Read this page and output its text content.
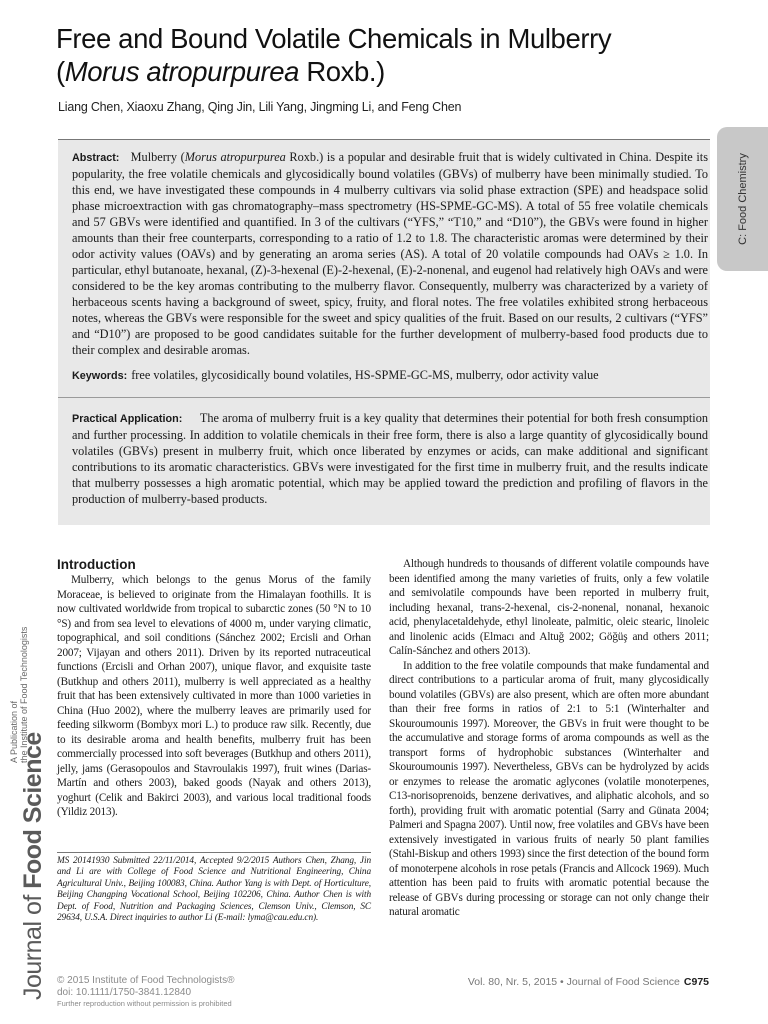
Free and Bound Volatile Chemicals in Mulberry
(Morus atropurpurea Roxb.)
Liang Chen, Xiaoxu Zhang, Qing Jin, Lili Yang, Jingming Li, and Feng Chen
C: Food Chemistry

Abstract: Mulberry (Morus atropurpurea Roxb.) is a popular and desirable fruit that is widely cultivated in China. Despite its popularity, the free volatile chemicals and glycosidically bound volatiles (GBVs) of mulberry have been minimally studied. To this end, we have investigated these compounds in 4 mulberry cultivars via solid phase extraction (SPE) and headspace solid phase microextraction with gas chromatography–mass spectrometry (HS-SPME-GC-MS). A total of 55 free volatile chemicals and 57 GBVs were identified and quantified. In 3 of the cultivars (“YFS,” “T10,” and “D10”), the GBVs were found in higher amounts than their free counterparts, corresponding to a ratio of 1.2 to 1.8. The characteristic aromas were determined by their odor activity values (OAVs) and by generating an aroma series (AS). A total of 20 volatile compounds had OAVs ≥ 1.0. In particular, ethyl butanoate, hexanal, (Z)-3-hexenal (E)-2-hexenal, (E)-2-nonenal, and eugenol had relatively high OAVs and were considered to be the key aromas contributing to the mulberry flavor. Consequently, mulberry was characterized by a variety of herbaceous scents having a background of sweet, spicy, fruity, and floral notes. The free volatiles exhibited strong herbaceous notes, whereas the GBVs were responsible for the sweet and spicy qualities of the fruit. Based on our results, 2 cultivars (“YFS” and “D10”) are proposed to be good candidates suitable for the further development of mulberry-based food products due to their complex and desirable aromas.

Keywords: free volatiles, glycosidically bound volatiles, HS-SPME-GC-MS, mulberry, odor activity value

Practical Application: The aroma of mulberry fruit is a key quality that determines their potential for both fresh consumption and further processing. In addition to volatile chemicals in their free form, there is also a large quantity of glycosidically bound volatiles (GBVs) present in mulberry fruit, which once liberated by enzymes or acids, can make additional and significant contributions to its aromatic characteristics. GBVs were investigated for the first time in mulberry fruit, and the results indicate that mulberry possesses a high aromatic potential, which may be applied toward the prediction and profiling of flavors in the production of mulberry-based products.

Introduction

Mulberry, which belongs to the genus Morus of the family Moraceae, is believed to originate from the Himalayan foothills. It is now cultivated worldwide from tropical to subarctic zones (50 °N to 10 °S) and from sea level to elevations of 4000 m, under varying climatic, topographical, and soil conditions (Sánchez 2002; Ercisli and Orhan 2007; Vijayan and others 2011). Driven by its reported nutraceutical functions (Ercisli and Orhan 2007), unique flavor, and exquisite taste (Butkhup and others 2011), mulberry is well appreciated as a healthy fruit that has been extensively cultivated in more than 1000 varieties in China (Huo 2002), where the mulberry leaves are primarily used for feeding silkworm (Bombyx mori L.) to produce raw silk. Recently, due to its desirable aroma and health benefits, mulberry fruit has been commercially processed into soft beverages (Butkhup and others 2011), jelly, jams (Gerasopoulos and Stavroulakis 1997), fruit wines (Darias-Martín and others 2003), baked goods (Nayak and others 2013), yoghurt (Celik and Bakirci 2003), and various local traditional foods (Yildiz 2013).

Although hundreds to thousands of different volatile compounds have been identified among the many varieties of fruits, only a few volatile and semivolatile compounds have been reported in mulberry fruit, including hexanal, trans-2-hexenal, cis-2-nonenal, nonanal, hexanoic acid, phenylacetaldehyde, ethyl linoleate, palmitic, oleic stearic, linoleic and linolenic acids (Elmacı and Altuğ 2002; Göğüş and others 2011; Calín-Sánchez and others 2013).

In addition to the free volatile compounds that make fundamental and direct contributions to a particular aroma of fruit, many glycosidically bound volatiles (GBVs) are also present, which are often more abundant than their free forms in ratios of 2:1 to 5:1 (Winterhalter and Skouroumounis 1997). Moreover, the GBVs in fruit were thought to be the accumulative and storage forms of aroma compounds as well as the transport forms of hydrophobic substances (Winterhalter and Skouroumounis 1997). Nevertheless, GBVs can be hydrolyzed by acids or enzymes to release the aromatic aglycones (volatile monoterpenes, C13-norisoprenoids, benzene derivatives, and aliphatic alcohols, and so forth), providing fruit with aromatic potential (Sarry and Günata 2004; Palmeri and Spagna 2007). Until now, free volatiles and GBVs have been extensively investigated in various fruits of nearly 50 plant families (Stahl-Biskup and others 1993) since the first detection of the bound form of monoterpene alcohols in rose petals (Francis and Allcock 1969). Much attention has been paid to fruits with aromatic potential because the release of GBVs during processing or storage can not only change their natural aromatic

MS 20141930 Submitted 22/11/2014, Accepted 9/2/2015 Authors Chen, Zhang, Jin and Li are with College of Food Science and Nutritional Engineering, China Agricultural Univ., Beijing 100083, China. Author Yang is with Dept. of Horticulture, Beijing Changping Vocational School, Beijing 102206, China. Author Chen is with Dept. of Food, Nutrition and Packaging Sciences, Clemson Univ., Clemson, SC 29634, U.S.A. Direct inquiries to author Li (E-mail: lyma@cau.edu.cn).

Journal of Food Science
A Publication of the Institute of Food Technologists
© 2015 Institute of Food Technologists®
doi: 10.1111/1750-3841.12840
Further reproduction without permission is prohibited
Vol. 80, Nr. 5, 2015 • Journal of Food Science C975
